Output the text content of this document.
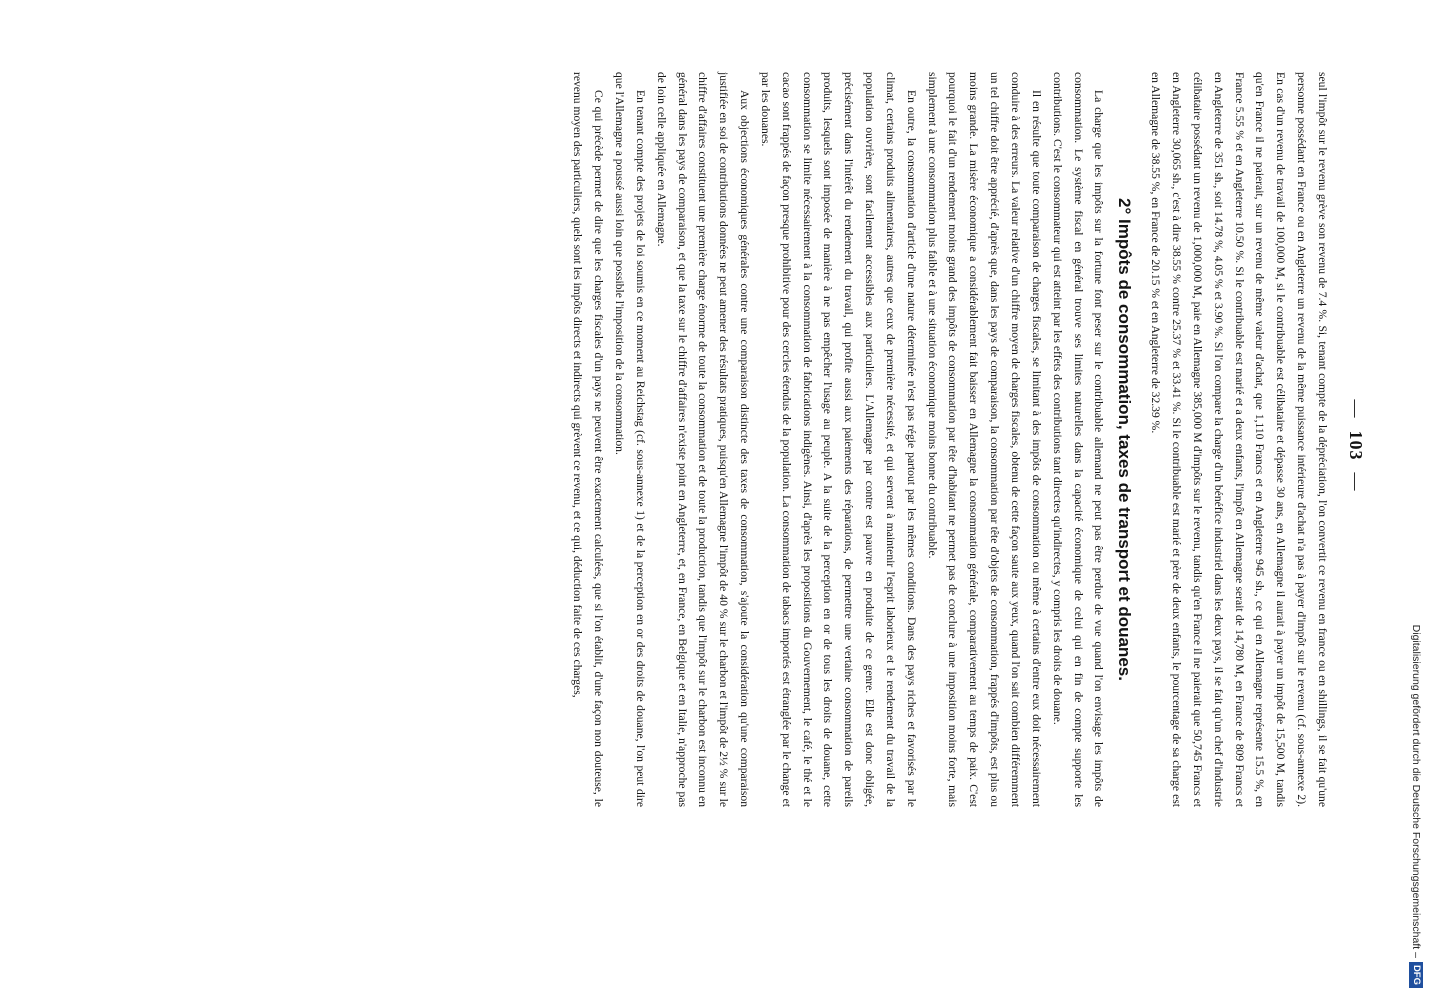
—103—

seul l'impôt sur le revenu grève son revenu de 7.4 %. Si, tenant compte de la dépréciation, l'on convertit ce revenu en france ou en shillings, il se fait qu'une personne possédant en France ou en Angleterre un revenu de la même puissance intérieure d'achat n'a pas à payer d'impôt sur le revenu (cf. sous-annexe 2). En cas d'un revenu de travail de 100,000 M, si le contribuable est célibataire et dépasse 30 ans, en Allemagne il aurait à payer un impôt de 15,500 M, tandis qu'en France il ne paierait, sur un revenu de même valeur d'achat, que 1,110 Francs et en Angleterre 945 sh., ce qui en Allemagne représente 15.5 %, en France 5.55 % et en Angleterre 10.50 %. Si le contribuable est marié et a deux enfants, l'impôt en Allemagne serait de 14,780 M, en France de 809 Francs et en Angleterre de 351 sh., soit 14.78 %, 4.05 % et 3.90 %. Si l'on compare la charge d'un bénéfice industriel dans les deux pays, il se fait qu'un chef d'industrie célibataire possédant un revenu de 1,000,000 M, paie en Allemagne 385,000 M d'impôts sur le revenu, tandis qu'en France il ne paierait que 50,745 Francs et en Angleterre 30,065 sh., c'est à dire 38.55 % contre 25.37 % et 33.41 %. Si le contribuable est marié et père de deux enfants, le pourcentage de sa charge est en Allemagne de 38.55 %, en France de 20.15 % et en Angleterre de 32.39 %.

2° Impôts de consommation, taxes de transport et douanes.

La charge que les impôts sur la fortune font peser sur le contribuable allemand ne peut pas être perdue de vue quand l'on envisage les impôts de consommation. Le système fiscal en général trouve ses limites naturelles dans la capacité économique de celui qui en fin de compte supporte les contributions. C'est le consommateur qui est atteint par les effets des contributions tant directes qu'indirectes, y compris les droits de douane.

Il en résulte que toute comparaison de charges fiscales, se limitant à des impôts de consommation ou même à certains d'entre eux doit nécessairement conduire à des erreurs. La valeur relative d'un chiffre moyen de charges fiscales, obtenu de cette façon saute aux yeux, quand l'on sait combien différemment un tel chiffre doit être apprécié, d'après que, dans les pays de comparaison, la consommation par tête d'objets de consommation, frappés d'impôts, est plus ou moins grande. La misère économique a considérablement fait baisser en Allemagne la consommation générale, comparativement au temps de paix. C'est pourquoi le fait d'un rendement moins grand des impôts de consommation par tête d'habitant ne permet pas de conclure à une imposition moins forte, mais simplement à une consommation plus faible et à une situation économique moins bonne du contribuable.

En outre, la consommation d'article d'une nature déterminée n'est pas régie partout par les mêmes conditions. Dans des pays riches et favorisés par le climat, certains produits alimentaires, autres que ceux de première nécessité, et qui servent à maintenir l'esprit laborieux et le rendement du travail de la population ouvrière, sont facilement accessibles aux particuliers. L'Allemagne par contre est pauvre en produite de ce genre. Elle est donc obligée, précisément dans l'intérêt du rendement du travail, qui profite aussi aux paiements des réparations, de permettre une vertaine consommation de pareils produits, lesquels sont imposée de manière à ne pas empêcher l'usage au peuple. A la suite de la perception en or de tous les droits de douane, cette consommation se limite nécessairement à la consommation de fabrications indigènes. Ainsi, d'après les propositions du Gouvernement, le café, le thé et le cacao sont frappés de façon presque prohibitive pour des cercles étendus de la population. La consommation de tabacs importés est étranglée par le change et par les douanes.

Aux objections économiques générales contre une comparaison distincte des taxes de consommation, s'ajoute la considération qu'une comparaison justifiée en soi de contributions données ne peut amener des résultats pratiques, puisqu'en Allemagne l'impôt de 40 % sur le charbon et l'impôt de 2½ % sur le chiffre d'affaires constituent une première charge énorme de toute la consommation et de toute la production, tandis que l'impôt sur le charbon est inconnu en général dans les pays de comparaison, et que la taxe sur le chiffre d'affaires n'existe point en Angleterre, et, en France, en Belgique et en Italie, n'approche pas de loin celle appliquée en Allemagne.

En tenant compte des projets de loi soumis en ce moment au Reichstag (cf. sous-annexe 1) et de la perception en or des droits de douane, l'on peut dire que l'Allemagne a poussé aussi loin que possible l'imposition de la consommation.

Ce qui précède permet de dire que les charges fiscales d'un pays ne peuvent être exactement calculées, que si l'on établit, d'une façon non douteuse, le revenu moyen des particuliers, quels sont les impôts directs et indirects qui grèvent ce revenu, et ce qui, déduction faite de ces charges,

Digitalisierung gefördert durch die Deutsche Forschungsgemeinschaft –DFG
